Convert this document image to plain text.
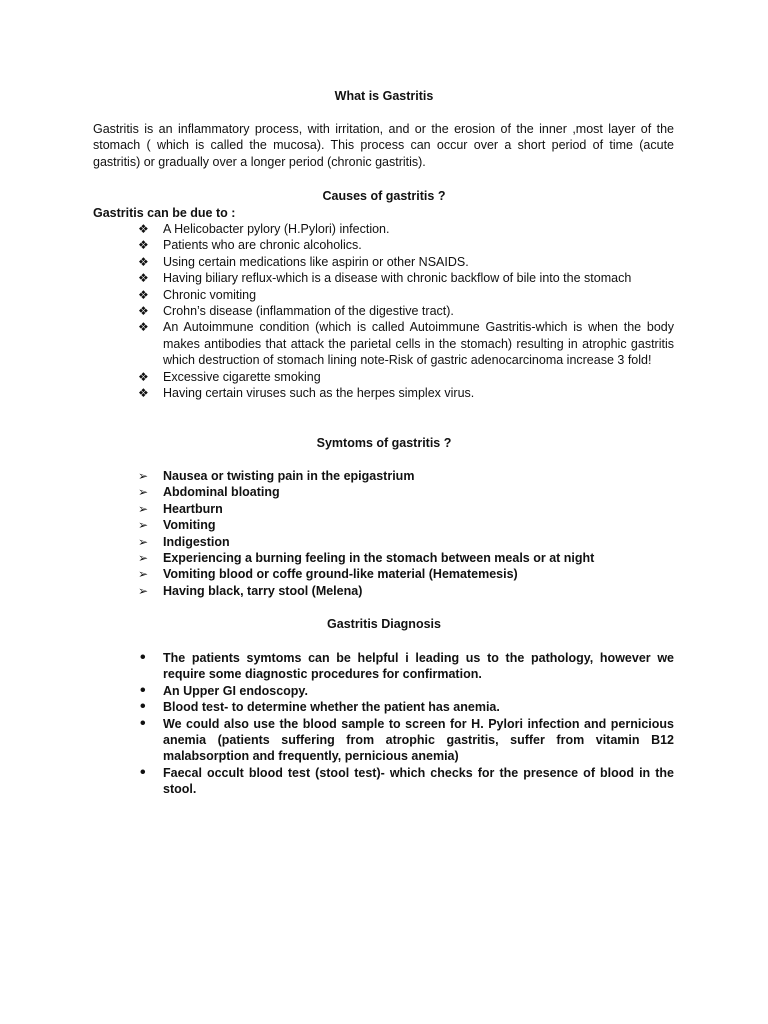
What is Gastritis
Gastritis is an inflammatory process, with irritation, and or the erosion of the inner ,most layer of the stomach ( which is called the mucosa). This process can occur over a short period of time (acute gastritis) or gradually over a longer period (chronic gastritis).
Causes of gastritis ?
Gastritis can be due to :
❖	A Helicobacter pylory (H.Pylori) infection.
❖	Patients who are chronic alcoholics.
❖	Using certain medications like aspirin or other NSAIDS.
❖	Having biliary reflux-which is a disease with chronic backflow of bile into the stomach
❖	Chronic vomiting
❖	Crohn’s disease (inflammation of the digestive tract).
❖	An Autoimmune condition (which is called Autoimmune Gastritis-which is when the body makes antibodies that attack the parietal cells in the stomach) resulting in atrophic gastritis which destruction of stomach lining note-Risk of gastric adenocarcinoma increase 3 fold!
❖	Excessive cigarette smoking
❖	Having certain viruses such as the herpes simplex virus.
Symtoms of gastritis ?
➢	Nausea or twisting pain in the epigastrium
➢	Abdominal bloating
➢	Heartburn
➢	Vomiting
➢	Indigestion
➢	Experiencing a burning feeling in the stomach between meals or at night
➢	Vomiting blood or coffe ground-like material (Hematemesis)
➢	Having black, tarry stool (Melena)
Gastritis Diagnosis
•	The patients symtoms can be helpful i leading us to the pathology, however we require some diagnostic procedures for confirmation.
•	An Upper GI endoscopy.
•	Blood test- to determine whether the patient has anemia.
•	We could also use the blood sample to screen for H. Pylori infection and pernicious anemia (patients suffering from atrophic gastritis, suffer from vitamin B12 malabsorption and frequently, pernicious anemia)
•	Faecal occult blood test (stool test)- which checks for the presence of blood in the stool.
